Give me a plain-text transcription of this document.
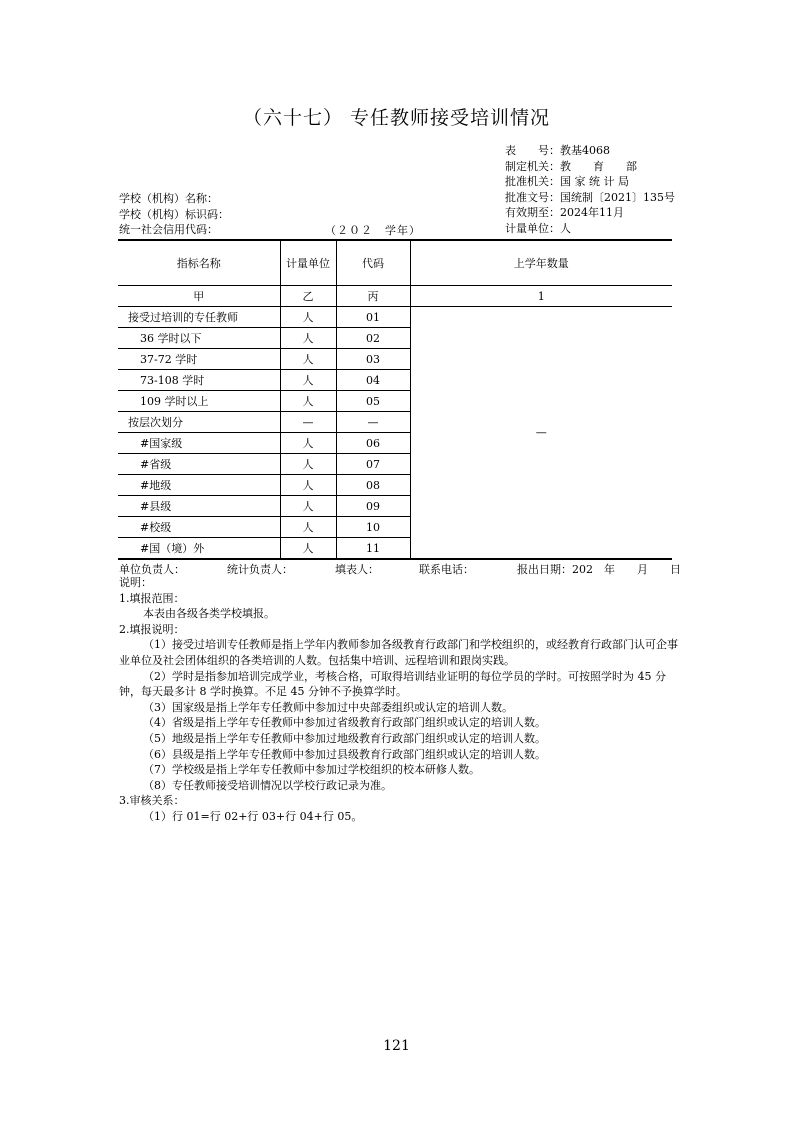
（六十七） 专任教师接受培训情况
表　　号：教基4068
制定机关：教　　育　　部
批准机关：国 家 统 计 局
批准文号：国统制〔2021〕135号
有效期至：2024年11月
计量单位：人
学校（机构）名称：
学校（机构）标识码：
统一社会信用代码：	（２０２　学年）
指标名称	计量单位	代码	上学年数量
甲	乙	丙	1
接受过培训的专任教师	人	01	—
36 学时以下	人	02	
37-72 学时	人	03	
73-108 学时	人	04	
109 学时以上	人	05	
按层次划分	—	—	
#国家级	人	06	
#省级	人	07	
#地级	人	08	
#县级	人	09	
#校级	人	10	
#国（境）外	人	11	
单位负责人：	统计负责人：	填表人：	联系电话：	报出日期：202　年　　月　　日

说明：

1.填报范围：

本表由各级各类学校填报。

2.填报说明：

（1）接受过培训专任教师是指上学年内教师参加各级教育行政部门和学校组织的，或经教育行政部门认可企事业单位及社会团体组织的各类培训的人数。包括集中培训、远程培训和跟岗实践。

（2）学时是指参加培训完成学业，考核合格，可取得培训结业证明的每位学员的学时。可按照学时为 45 分钟，每天最多计 8 学时换算。不足 45 分钟不予换算学时。

（3）国家级是指上学年专任教师中参加过中央部委组织或认定的培训人数。

（4）省级是指上学年专任教师中参加过省级教育行政部门组织或认定的培训人数。

（5）地级是指上学年专任教师中参加过地级教育行政部门组织或认定的培训人数。

（6）县级是指上学年专任教师中参加过县级教育行政部门组织或认定的培训人数。

（7）学校级是指上学年专任教师中参加过学校组织的校本研修人数。

（8）专任教师接受培训情况以学校行政记录为准。

3.审核关系：

（1）行 01=行 02+行 03+行 04+行 05。

121
